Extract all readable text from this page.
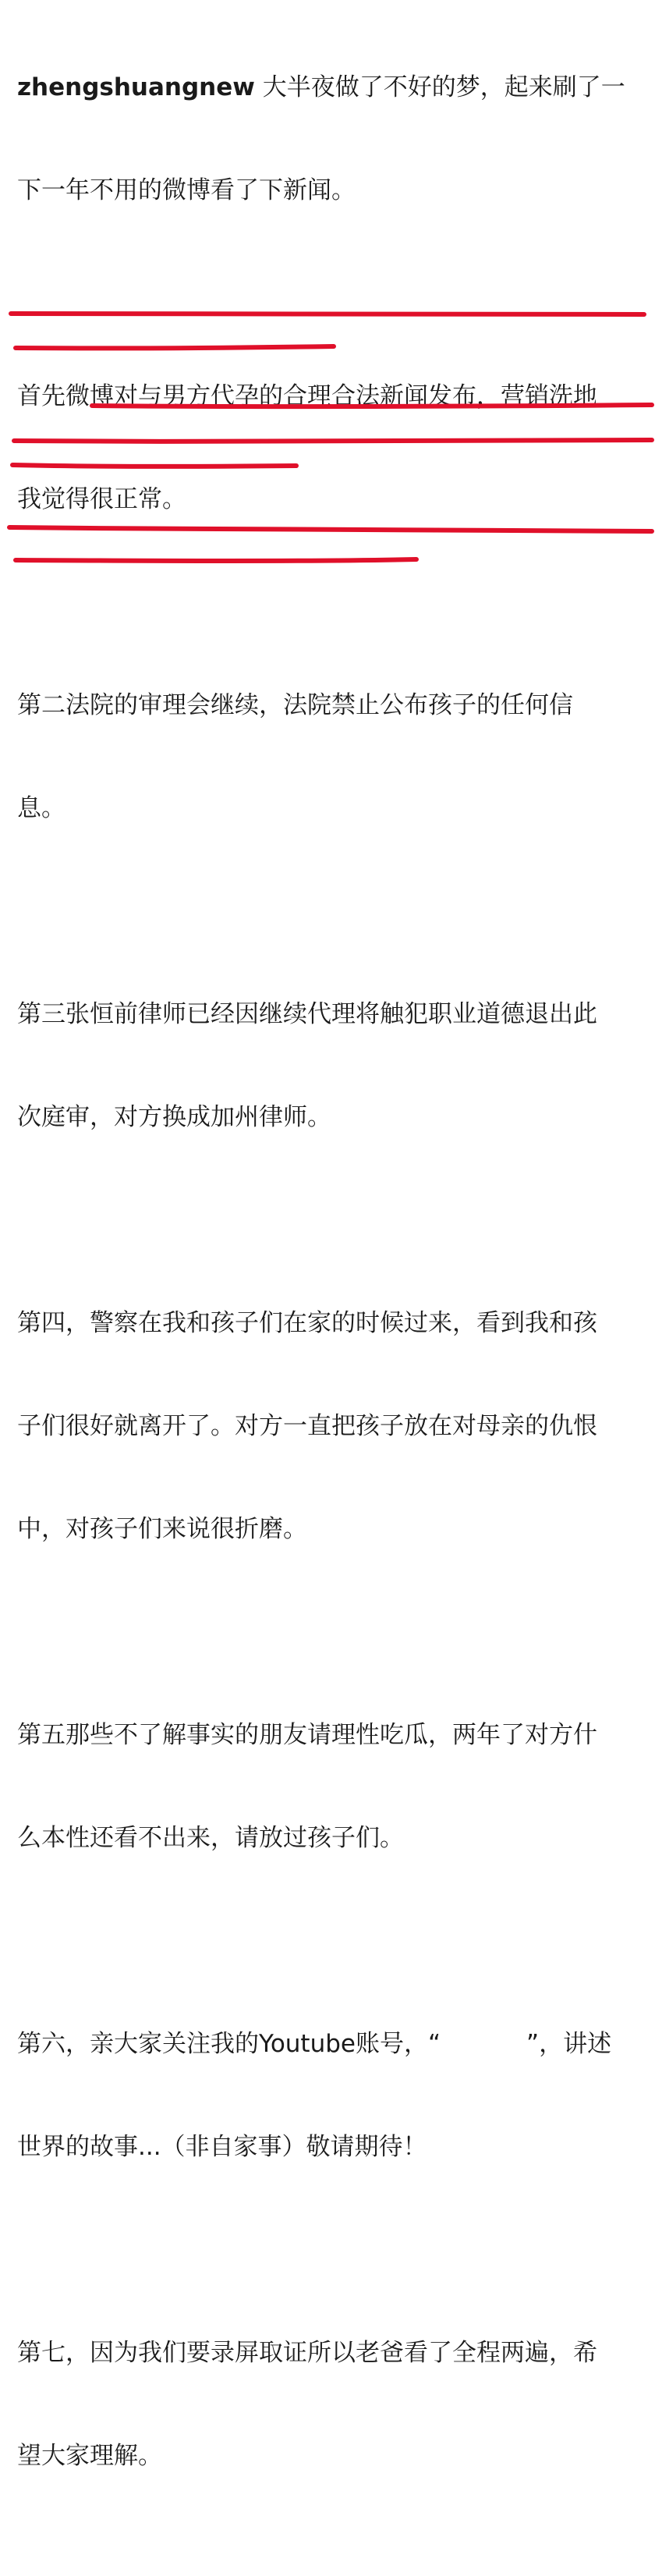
zhengshuangnew 大半夜做了不好的梦，起来刷了一

下一年不用的微博看了下新闻。

首先微博对与男方代孕的合理合法新闻发布，营销洗地

我觉得很正常。

第二法院的审理会继续，法院禁止公布孩子的任何信

息。

第三张恒前律师已经因继续代理将触犯职业道德退出此

次庭审，对方换成加州律师。

第四，警察在我和孩子们在家的时候过来，看到我和孩

子们很好就离开了。对方一直把孩子放在对母亲的仇恨

中，对孩子们来说很折磨。

第五那些不了解事实的朋友请理性吃瓜，两年了对方什

么本性还看不出来，请放过孩子们。

第六，亲大家关注我的Youtube账号，“	”，讲述

世界的故事...（非自家事）敬请期待！

第七，因为我们要录屏取证所以老爸看了全程两遍，希

望大家理解。
